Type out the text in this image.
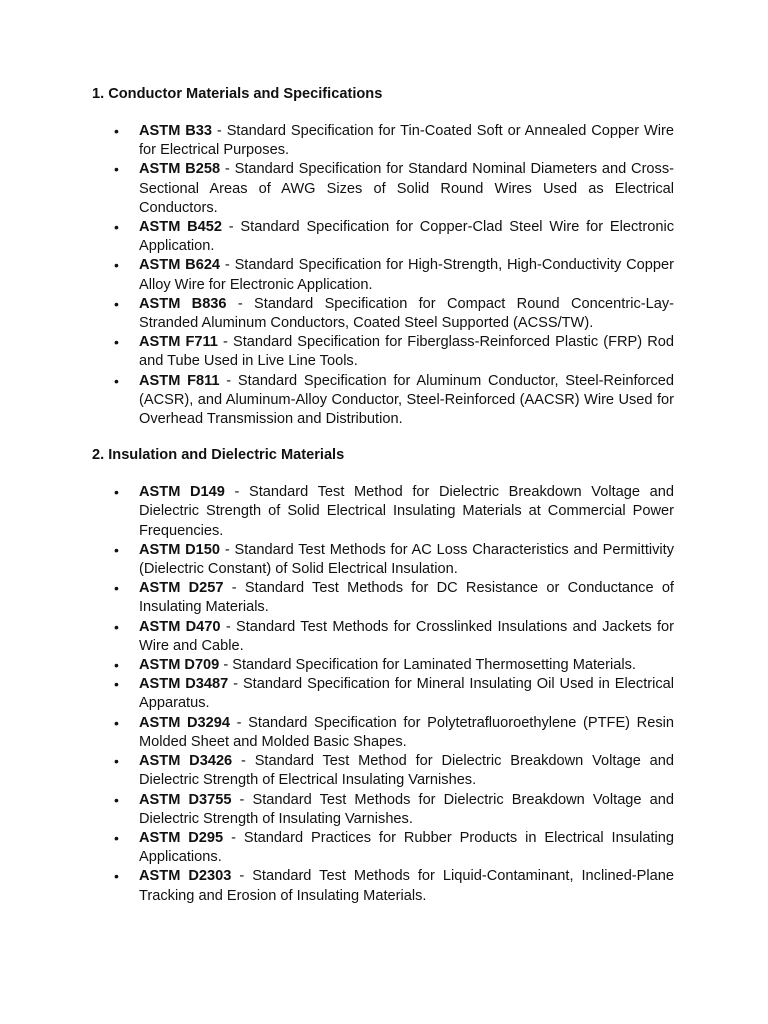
1. Conductor Materials and Specifications

• ASTM B33 - Standard Specification for Tin-Coated Soft or Annealed Copper Wire for Electrical Purposes.
• ASTM B258 - Standard Specification for Standard Nominal Diameters and Cross-Sectional Areas of AWG Sizes of Solid Round Wires Used as Electrical Conductors.
• ASTM B452 - Standard Specification for Copper-Clad Steel Wire for Electronic Application.
• ASTM B624 - Standard Specification for High-Strength, High-Conductivity Copper Alloy Wire for Electronic Application.
• ASTM B836 - Standard Specification for Compact Round Concentric-Lay-Stranded Aluminum Conductors, Coated Steel Supported (ACSS/TW).
• ASTM F711 - Standard Specification for Fiberglass-Reinforced Plastic (FRP) Rod and Tube Used in Live Line Tools.
• ASTM F811 - Standard Specification for Aluminum Conductor, Steel-Reinforced (ACSR), and Aluminum-Alloy Conductor, Steel-Reinforced (AACSR) Wire Used for Overhead Transmission and Distribution.

2. Insulation and Dielectric Materials

• ASTM D149 - Standard Test Method for Dielectric Breakdown Voltage and Dielectric Strength of Solid Electrical Insulating Materials at Commercial Power Frequencies.
• ASTM D150 - Standard Test Methods for AC Loss Characteristics and Permittivity (Dielectric Constant) of Solid Electrical Insulation.
• ASTM D257 - Standard Test Methods for DC Resistance or Conductance of Insulating Materials.
• ASTM D470 - Standard Test Methods for Crosslinked Insulations and Jackets for Wire and Cable.
• ASTM D709 - Standard Specification for Laminated Thermosetting Materials.
• ASTM D3487 - Standard Specification for Mineral Insulating Oil Used in Electrical Apparatus.
• ASTM D3294 - Standard Specification for Polytetrafluoroethylene (PTFE) Resin Molded Sheet and Molded Basic Shapes.
• ASTM D3426 - Standard Test Method for Dielectric Breakdown Voltage and Dielectric Strength of Electrical Insulating Varnishes.
• ASTM D3755 - Standard Test Methods for Dielectric Breakdown Voltage and Dielectric Strength of Insulating Varnishes.
• ASTM D295 - Standard Practices for Rubber Products in Electrical Insulating Applications.
• ASTM D2303 - Standard Test Methods for Liquid-Contaminant, Inclined-Plane Tracking and Erosion of Insulating Materials.
